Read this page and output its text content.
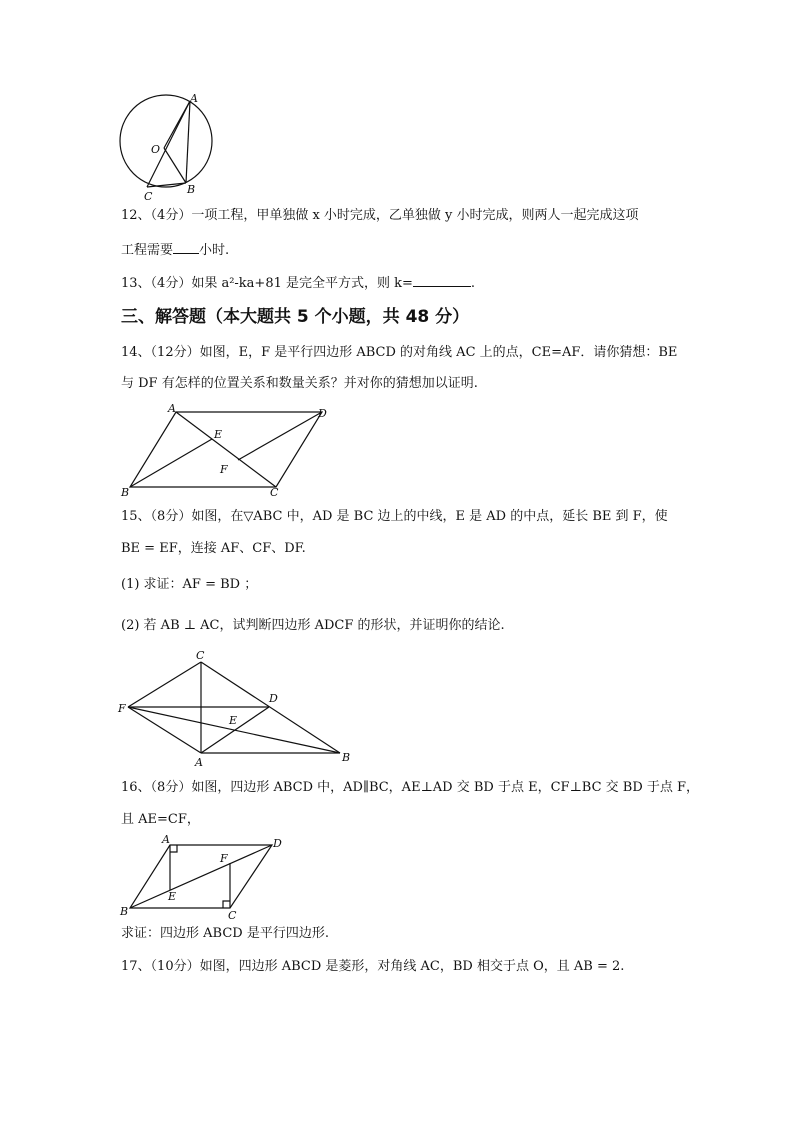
A
O
C
B
12、（4分）一项工程，甲单独做 x 小时完成，乙单独做 y 小时完成，则两人一起完成这项
工程需要 小时.
13、（4分）如果 a²-ka+81 是完全平方式，则 k=	.
三、解答题（本大题共 5 个小题，共 48 分）
14、（12分）如图，E，F 是平行四边形 ABCD 的对角线 AC 上的点，CE=AF．请你猜想：BE
与 DF 有怎样的位置关系和数量关系？并对你的猜想加以证明.
A	D
E
F
B	C
15、（8分）如图，在▽ABC 中，AD 是 BC 边上的中线，E 是 AD 的中点，延长 BE 到 F，使
BE = EF，连接 AF、CF、DF.
(1) 求证：AF = BD ；
(2) 若 AB ⊥ AC，试判断四边形 ADCF 的形状，并证明你的结论.
C
F
D
E
A	B
16、（8分）如图，四边形 ABCD 中，AD∥BC，AE⊥AD 交 BD 于点 E，CF⊥BC 交 BD 于点 F，
且 AE=CF，
A	D
F
E
B	C
求证：四边形 ABCD 是平行四边形.
17、（10分）如图，四边形 ABCD 是菱形，对角线 AC，BD 相交于点 O，且 AB = 2.
